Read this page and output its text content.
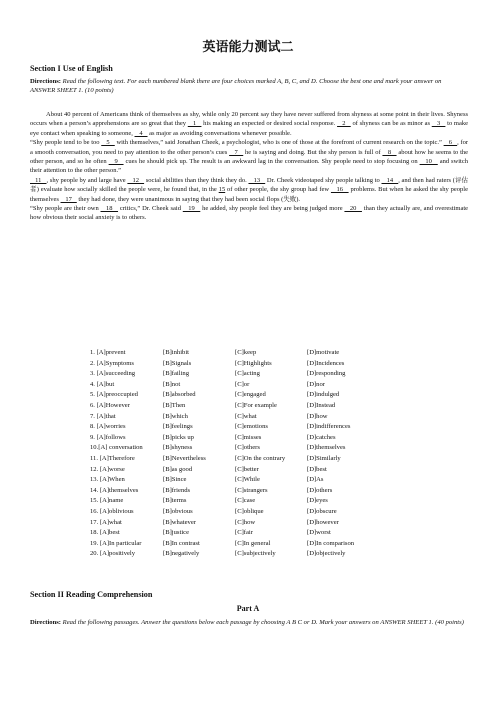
英语能力测试二
Section I Use of English
Directions: Read the following text. For each numbered blank there are four choices marked A, B, C, and D. Choose the best one and mark your answer on ANSWER SHEET 1. (10 points)

About 40 percent of Americans think of themselves as shy, while only 20 percent say they have never suffered from shyness at some point in their lives. Shyness occurs when a person’s apprehensions are so great that they    1    his making an expected or desired social response.    2    of shyness can be as minor as    3    to make eye contact when speaking to someone,    4    as major as avoiding conversations whenever possible.

“Shy people tend to be too    5    with themselves,” said Jonathan Cheek, a psychologist, who is one of those at the forefront of current research on the topic.”    6   , for a smooth conversation, you need to pay attention to the other person’s cues    7    he is saying and doing. But the shy person is full of    8    about how he seems to the other person, and so he often    9    cues he should pick up. The result is an awkward lag in the conversation. Shy people need to stop focusing on    10    and switch their attention to the other person.”

11   , shy people by and large have    12    social abilities than they think they do.    13    Dr. Cheek videotaped shy people talking to    14   , and then had raters (评估者) evaluate how socially skilled the people were, he found that, in the 15 of other people, the shy group had few    16    problems. But when he asked the shy people themselves    17    they had done, they were unanimous in saying that they had been social flops (失败).

“Shy people are their own    18    critics,” Dr. Cheek said    19    he added, shy people feel they are being judged more    20    than they actually are, and overestimate how obvious their social anxiety is to others.

1. [A]prevent	[B]inhibit	[C]keep	[D]motivate
2. [A]Symptoms	[B]Signals	[C]Highlights	[D]Incidences
3. [A]succeeding	[B]failing	[C]acting	[D]responding
4. [A]but	[B]not	[C]or	[D]nor
5. [A]preoccupied	[B]absorbed	[C]engaged	[D]indulged
6. [A]However	[B]Then	[C]For example	[D]Instead
7. [A]that	[B]which	[C]what	[D]how
8. [A]worries	[B]feelings	[C]emotions	[D]indifferences
9. [A]follows	[B]picks up	[C]misses	[D]catches
10.[A] conversation	[B]shyness	[C]others	[D]themselves
11. [A]Therefore	[B]Nevertheless	[C]On the contrary	[D]Similarly
12. [A]worse	[B]as good	[C]better	[D]best
13. [A]When	[B]Since	[C]While	[D]As
14. [A]themselves	[B]friends	[C]strangers	[D]others
15. [A]name	[B]terms	[C]case	[D]eyes
16. [A]oblivious	[B]obvious	[C]oblique	[D]obscure
17. [A]what	[B]whatever	[C]how	[D]however
18. [A]best	[B]justice	[C]fair	[D]worst
19. [A]In particular	[B]In contrast	[C]In general	[D]In comparison
20. [A]positively	[B]negatively	[C]subjectively	[D]objectively
Section II Reading Comprehension
Part A
Directions: Read the following passages. Answer the questions below each passage by choosing A B C or D. Mark your answers on ANSWER SHEET 1. (40 points)
